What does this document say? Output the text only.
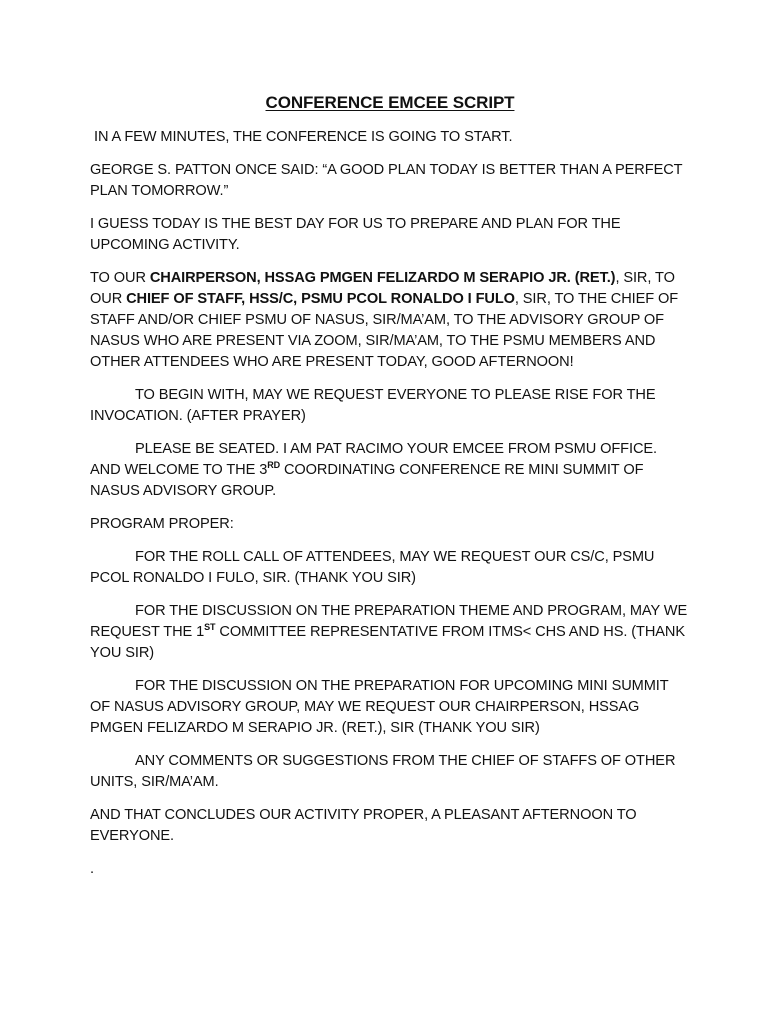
CONFERENCE EMCEE SCRIPT

IN A FEW MINUTES, THE CONFERENCE IS GOING TO START.

GEORGE S. PATTON ONCE SAID: “A GOOD PLAN TODAY IS BETTER THAN A PERFECT PLAN TOMORROW.”

I GUESS TODAY IS THE BEST DAY FOR US TO PREPARE AND PLAN FOR THE UPCOMING ACTIVITY.

TO OUR CHAIRPERSON, HSSAG PMGEN FELIZARDO M SERAPIO JR. (RET.), SIR, TO OUR CHIEF OF STAFF, HSS/C, PSMU PCOL RONALDO I FULO, SIR, TO THE CHIEF OF STAFF AND/OR CHIEF PSMU OF NASUS, SIR/MA’AM, TO THE ADVISORY GROUP OF NASUS WHO ARE PRESENT VIA ZOOM, SIR/MA’AM, TO THE PSMU MEMBERS AND OTHER ATTENDEES WHO ARE PRESENT TODAY, GOOD AFTERNOON!

TO BEGIN WITH, MAY WE REQUEST EVERYONE TO PLEASE RISE FOR THE INVOCATION. (AFTER PRAYER)

PLEASE BE SEATED. I AM PAT RACIMO YOUR EMCEE FROM PSMU OFFICE. AND WELCOME TO THE 3RD COORDINATING CONFERENCE RE MINI SUMMIT OF NASUS ADVISORY GROUP.

PROGRAM PROPER:

FOR THE ROLL CALL OF ATTENDEES, MAY WE REQUEST OUR CS/C, PSMU PCOL RONALDO I FULO, SIR. (THANK YOU SIR)

FOR THE DISCUSSION ON THE PREPARATION THEME AND PROGRAM, MAY WE REQUEST THE 1ST COMMITTEE REPRESENTATIVE FROM ITMS< CHS AND HS. (THANK YOU SIR)

FOR THE DISCUSSION ON THE PREPARATION FOR UPCOMING MINI SUMMIT OF NASUS ADVISORY GROUP, MAY WE REQUEST OUR CHAIRPERSON, HSSAG PMGEN FELIZARDO M SERAPIO JR. (RET.), SIR (THANK YOU SIR)

ANY COMMENTS OR SUGGESTIONS FROM THE CHIEF OF STAFFS OF OTHER UNITS, SIR/MA’AM.

AND THAT CONCLUDES OUR ACTIVITY PROPER, A PLEASANT AFTERNOON TO EVERYONE.

.
